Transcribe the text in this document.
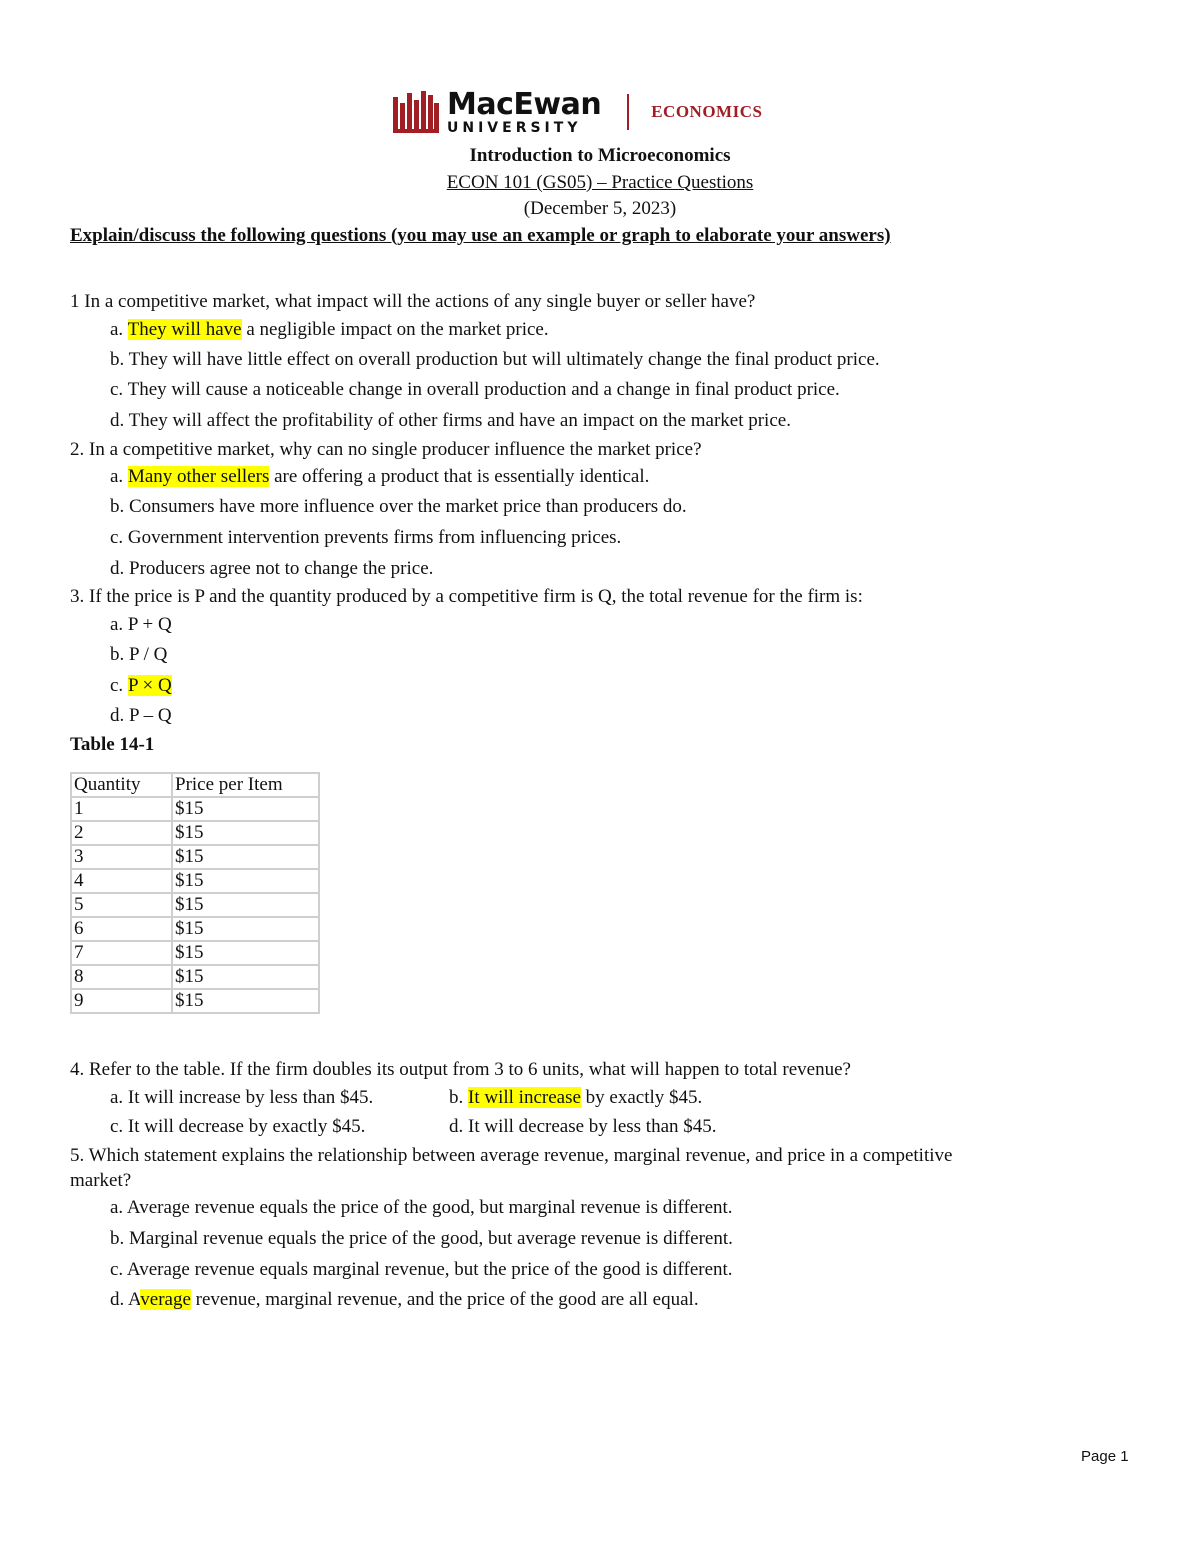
MacEwan
UNIVERSITY
ECONOMICS
Introduction to Microeconomics
ECON 101 (GS05) – Practice Questions
(December 5, 2023)
Explain/discuss the following questions (you may use an example or graph to elaborate your answers)
1 In a competitive market, what impact will the actions of any single buyer or seller have?
a. They will have a negligible impact on the market price.
b. They will have little effect on overall production but will ultimately change the final product price.
c. They will cause a noticeable change in overall production and a change in final product price.
d. They will affect the profitability of other firms and have an impact on the market price.
2. In a competitive market, why can no single producer influence the market price?
a. Many other sellers are offering a product that is essentially identical.
b. Consumers have more influence over the market price than producers do.
c. Government intervention prevents firms from influencing prices.
d. Producers agree not to change the price.
3. If the price is P and the quantity produced by a competitive firm is Q, the total revenue for the firm is:
a. P + Q
b. P / Q
c. P × Q
d. P – Q
Table 14-1
Quantity	Price per Item
1	$15
2	$15
3	$15
4	$15
5	$15
6	$15
7	$15
8	$15
9	$15
4. Refer to the table. If the firm doubles its output from 3 to 6 units, what will happen to total revenue?
a. It will increase by less than $45.	b. It will increase by exactly $45.
c. It will decrease by exactly $45.	d. It will decrease by less than $45.
5. Which statement explains the relationship between average revenue, marginal revenue, and price in a competitive
market?
a. Average revenue equals the price of the good, but marginal revenue is different.
b. Marginal revenue equals the price of the good, but average revenue is different.
c. Average revenue equals marginal revenue, but the price of the good is different.
d. Average revenue, marginal revenue, and the price of the good are all equal.
Page 1
